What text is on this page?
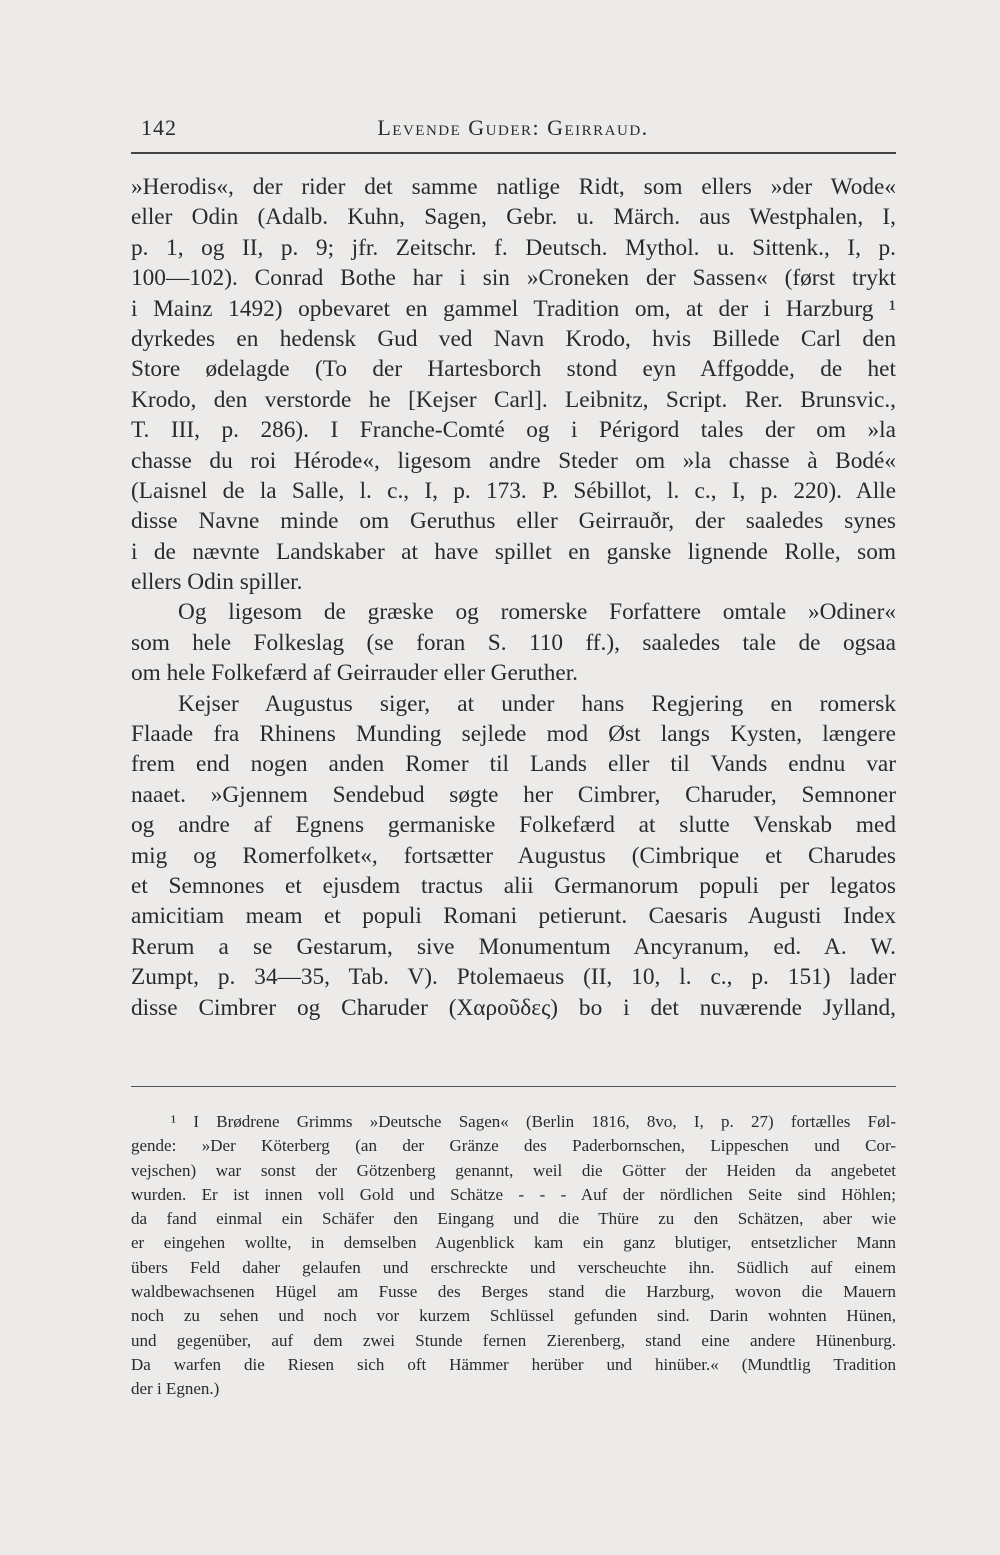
142	Levende Guder: Geirraud.
»Herodis«, der rider det samme natlige Ridt, som ellers »der Wode«
eller Odin (Adalb. Kuhn, Sagen, Gebr. u. Märch. aus Westphalen, I,
p. 1, og II, p. 9; jfr. Zeitschr. f. Deutsch. Mythol. u. Sittenk., I, p.
100—102). Conrad Bothe har i sin »Croneken der Sassen« (først trykt
i Mainz 1492) opbevaret en gammel Tradition om, at der i Harzburg ¹
dyrkedes en hedensk Gud ved Navn Krodo, hvis Billede Carl den
Store ødelagde (To der Hartesborch stond eyn Affgodde, de het
Krodo, den verstorde he [Kejser Carl]. Leibnitz, Script. Rer. Brunsvic.,
T. III, p. 286). I Franche-Comté og i Périgord tales der om »la
chasse du roi Hérode«, ligesom andre Steder om »la chasse à Bodé«
(Laisnel de la Salle, l. c., I, p. 173. P. Sébillot, l. c., I, p. 220). Alle
disse Navne minde om Geruthus eller Geirrauðr, der saaledes synes
i de nævnte Landskaber at have spillet en ganske lignende Rolle, som
ellers Odin spiller.
Og ligesom de græske og romerske Forfattere omtale »Odiner«
som hele Folkeslag (se foran S. 110 ff.), saaledes tale de ogsaa
om hele Folkefærd af Geirrauder eller Geruther.
Kejser Augustus siger, at under hans Regjering en romersk
Flaade fra Rhinens Munding sejlede mod Øst langs Kysten, længere
frem end nogen anden Romer til Lands eller til Vands endnu var
naaet. »Gjennem Sendebud søgte her Cimbrer, Charuder, Semnoner
og andre af Egnens germaniske Folkefærd at slutte Venskab med
mig og Romerfolket«, fortsætter Augustus (Cimbrique et Charudes
et Semnones et ejusdem tractus alii Germanorum populi per legatos
amicitiam meam et populi Romani petierunt. Caesaris Augusti Index
Rerum a se Gestarum, sive Monumentum Ancyranum, ed. A. W.
Zumpt, p. 34—35, Tab. V). Ptolemaeus (II, 10, l. c., p. 151) lader
disse Cimbrer og Charuder (Χαρoῦδες) bo i det nuværende Jylland,
¹ I Brødrene Grimms »Deutsche Sagen« (Berlin 1816, 8vo, I, p. 27) fortælles Føl-
gende: »Der Köterberg (an der Gränze des Paderbornschen, Lippeschen und Cor-
vejschen) war sonst der Götzenberg genannt, weil die Götter der Heiden da angebetet
wurden. Er ist innen voll Gold und Schätze - - - Auf der nördlichen Seite sind Höhlen;
da fand einmal ein Schäfer den Eingang und die Thüre zu den Schätzen, aber wie
er eingehen wollte, in demselben Augenblick kam ein ganz blutiger, entsetzlicher Mann
übers Feld daher gelaufen und erschreckte und verscheuchte ihn. Südlich auf einem
waldbewachsenen Hügel am Fusse des Berges stand die Harzburg, wovon die Mauern
noch zu sehen und noch vor kurzem Schlüssel gefunden sind. Darin wohnten Hünen,
und gegenüber, auf dem zwei Stunde fernen Zierenberg, stand eine andere Hünenburg.
Da warfen die Riesen sich oft Hämmer herüber und hinüber.« (Mundtlig Tradition
der i Egnen.)
